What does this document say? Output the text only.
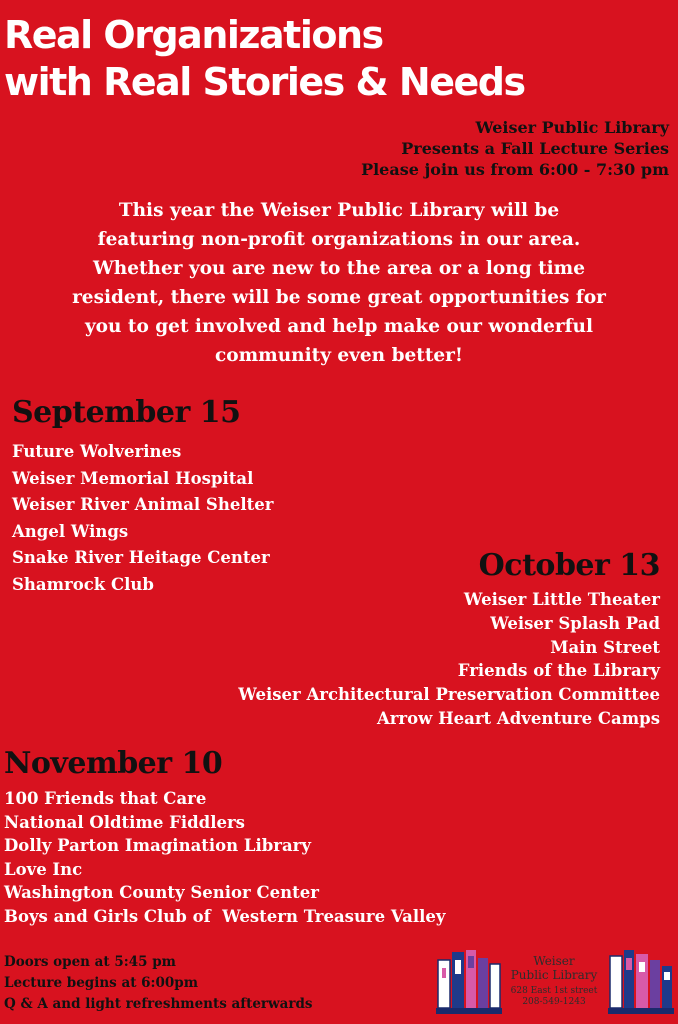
Real Organizations
with Real Stories & Needs
Weiser Public Library
Presents a Fall Lecture Series
Please join us from 6:00 - 7:30 pm
This year the Weiser Public Library will be
featuring non-profit organizations in our area.
Whether you are new to the area or a long time
resident, there will be some great opportunities for
you to get involved and help make our wonderful
community even better!
September 15
Future Wolverines
Weiser Memorial Hospital
Weiser River Animal Shelter
Angel Wings
Snake River Heitage Center
Shamrock Club
October 13
Weiser Little Theater
Weiser Splash Pad
Main Street
Friends of the Library
Weiser Architectural Preservation Committee
Arrow Heart Adventure Camps
November 10
100 Friends that Care
National Oldtime Fiddlers
Dolly Parton Imagination Library
Love Inc
Washington County Senior Center
Boys and Girls Club of  Western Treasure Valley
Doors open at 5:45 pm
Lecture begins at 6:00pm
Q & A and light refreshments afterwards
Weiser
Public Library
628 East 1st street
208-549-1243
